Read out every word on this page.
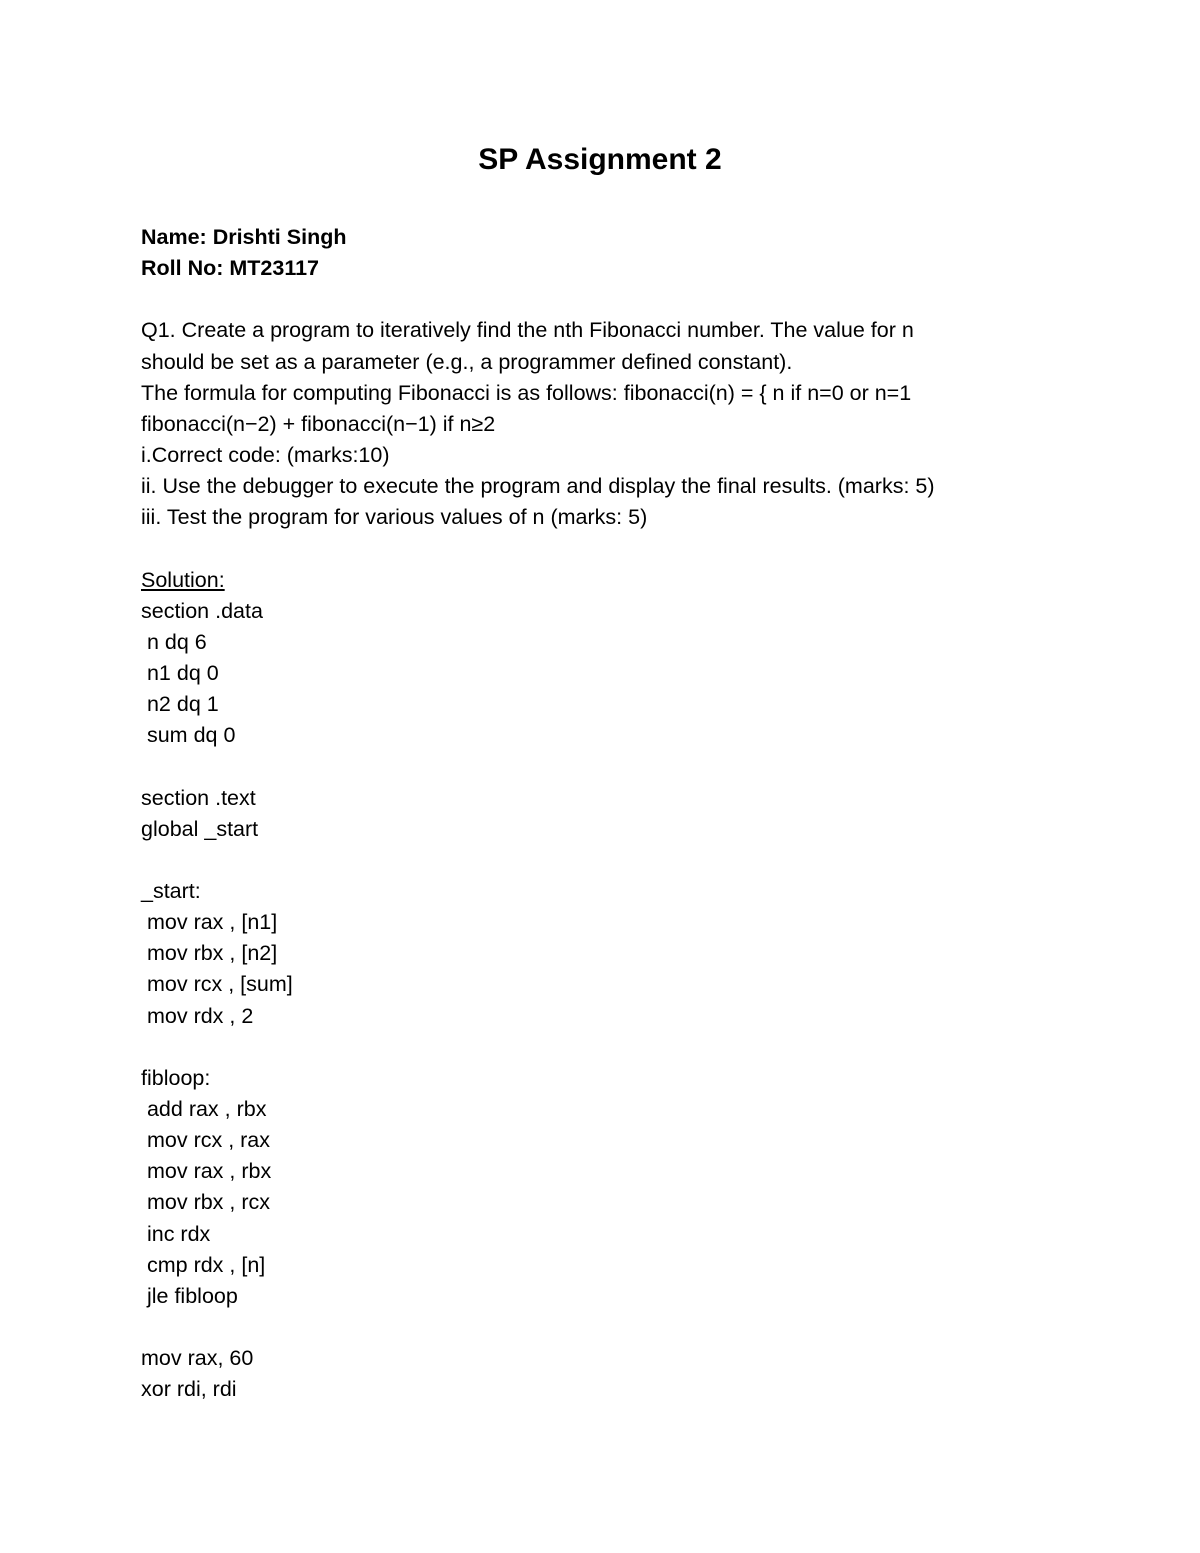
SP Assignment 2
Name: Drishti Singh
Roll No: MT23117
Q1. Create a program to iteratively find the nth Fibonacci number. The value for n
should be set as a parameter (e.g., a programmer defined constant).
The formula for computing Fibonacci is as follows: fibonacci(n) = { n if n=0 or n=1
fibonacci(n−2) + fibonacci(n−1) if n≥2
i.Correct code: (marks:10)
ii. Use the debugger to execute the program and display the final results. (marks: 5)
iii. Test the program for various values of n (marks: 5)
Solution:
section .data
n dq 6
n1 dq 0
n2 dq 1
sum dq 0
section .text
global _start
_start:
mov rax , [n1]
mov rbx , [n2]
mov rcx , [sum]
mov rdx , 2
fibloop:
add rax , rbx
mov rcx , rax
mov rax , rbx
mov rbx , rcx
inc rdx
cmp rdx , [n]
jle fibloop
mov rax, 60
xor rdi, rdi
